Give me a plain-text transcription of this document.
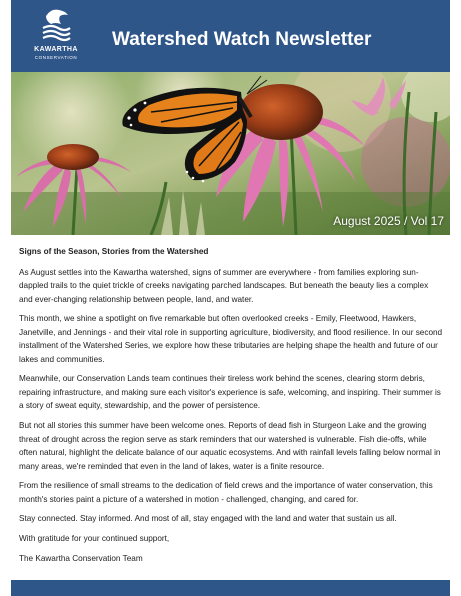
KAWARTHA
CONSERVATION
Watershed Watch Newsletter
August 2025 / Vol 17

Signs of the Season, Stories from the Watershed

As August settles into the Kawartha watershed, signs of summer are everywhere - from families exploring sun-dappled trails to the quiet trickle of creeks navigating parched landscapes. But beneath the beauty lies a complex and ever-changing relationship between people, land, and water.

This month, we shine a spotlight on five remarkable but often overlooked creeks - Emily, Fleetwood, Hawkers, Janetville, and Jennings - and their vital role in supporting agriculture, biodiversity, and flood resilience. In our second installment of the Watershed Series, we explore how these tributaries are helping shape the health and future of our lakes and communities.

Meanwhile, our Conservation Lands team continues their tireless work behind the scenes, clearing storm debris, repairing infrastructure, and making sure each visitor's experience is safe, welcoming, and inspiring. Their summer is a story of sweat equity, stewardship, and the power of persistence.

But not all stories this summer have been welcome ones. Reports of dead fish in Sturgeon Lake and the growing threat of drought across the region serve as stark reminders that our watershed is vulnerable. Fish die-offs, while often natural, highlight the delicate balance of our aquatic ecosystems. And with rainfall levels falling below normal in many areas, we're reminded that even in the land of lakes, water is a finite resource.

From the resilience of small streams to the dedication of field crews and the importance of water conservation, this month's stories paint a picture of a watershed in motion - challenged, changing, and cared for.

Stay connected. Stay informed. And most of all, stay engaged with the land and water that sustain us all.

With gratitude for your continued support,

The Kawartha Conservation Team
